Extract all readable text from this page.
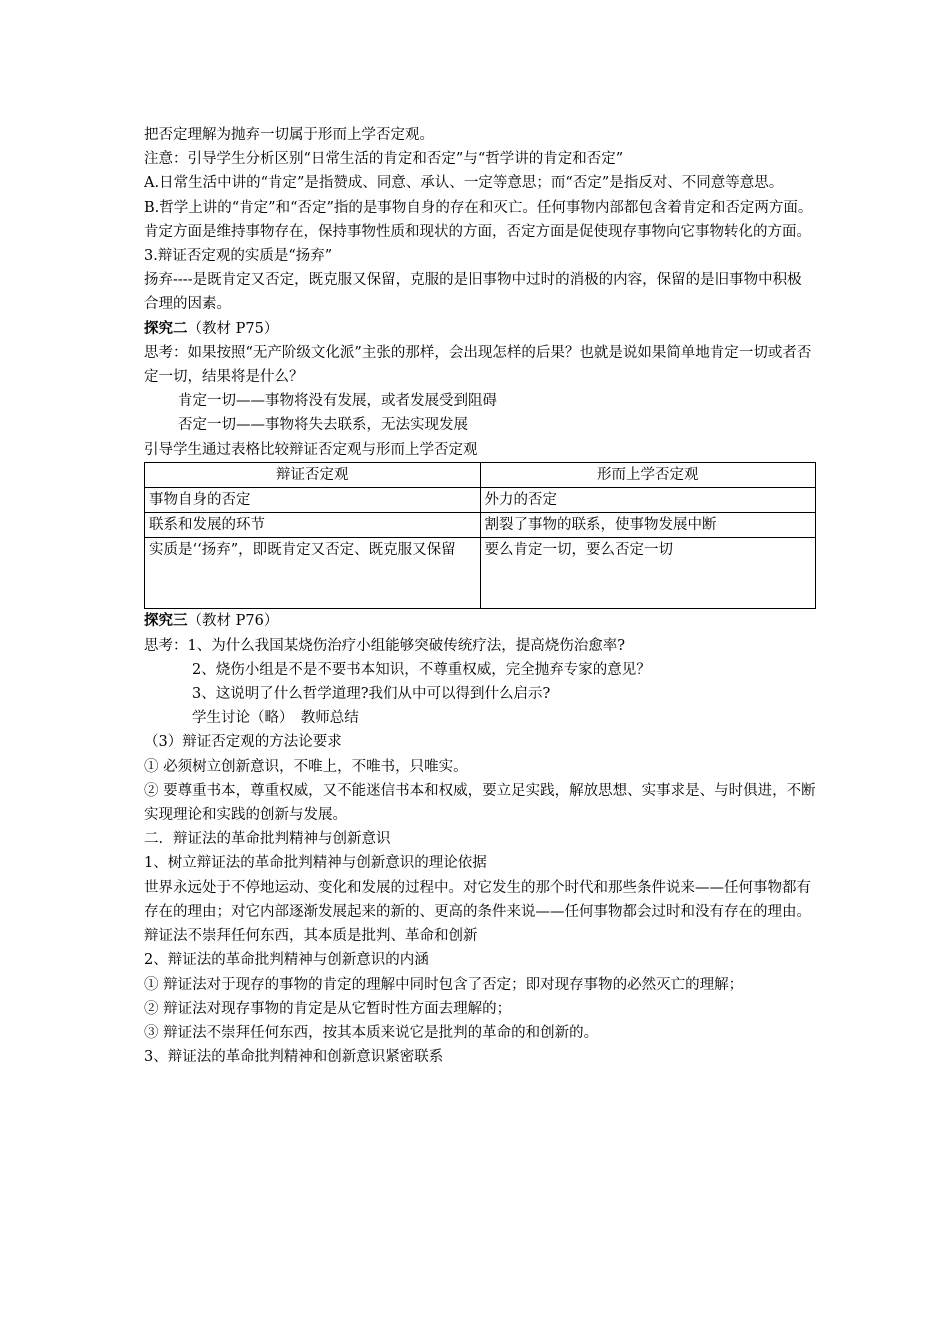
把否定理解为抛弃一切属于形而上学否定观。

注意：引导学生分析区别“日常生活的肯定和否定”与“哲学讲的肯定和否定”

A.日常生活中讲的“肯定”是指赞成、同意、承认、一定等意思；而“否定”是指反对、不同意等意思。

B.哲学上讲的“肯定”和“否定”指的是事物自身的存在和灭亡。任何事物内部都包含着肯定和否定两方面。肯定方面是维持事物存在，保持事物性质和现状的方面，否定方面是促使现存事物向它事物转化的方面。

3.辩证否定观的实质是“扬弃”

扬弃----是既肯定又否定，既克服又保留，克服的是旧事物中过时的消极的内容，保留的是旧事物中积极合理的因素。

探究二（教材 P75）

思考：如果按照“无产阶级文化派”主张的那样，会出现怎样的后果？也就是说如果简单地肯定一切或者否定一切，结果将是什么？

肯定一切——事物将没有发展，或者发展受到阻碍

否定一切——事物将失去联系，无法实现发展

引导学生通过表格比较辩证否定观与形而上学否定观

辩证否定观	形而上学否定观
事物自身的否定	外力的否定
联系和发展的环节	割裂了事物的联系，使事物发展中断
实质是‘‘扬弃”，即既肯定又否定、既克服又保留	要么肯定一切，要么否定一切

探究三（教材 P76）

思考：1、为什么我国某烧伤治疗小组能够突破传统疗法，提高烧伤治愈率?

2、烧伤小组是不是不要书本知识，不尊重权威，完全抛弃专家的意见？

3、这说明了什么哲学道理?我们从中可以得到什么启示?

学生讨论（略）　教师总结

（3）辩证否定观的方法论要求

① 必须树立创新意识，不唯上，不唯书，只唯实。

② 要尊重书本，尊重权威，又不能迷信书本和权威，要立足实践，解放思想、实事求是、与时俱进，不断实现理论和实践的创新与发展。

二．辩证法的革命批判精神与创新意识

1、树立辩证法的革命批判精神与创新意识的理论依据

世界永远处于不停地运动、变化和发展的过程中。对它发生的那个时代和那些条件说来——任何事物都有存在的理由；对它内部逐渐发展起来的新的、更高的条件来说——任何事物都会过时和没有存在的理由。

辩证法不崇拜任何东西，其本质是批判、革命和创新

2、辩证法的革命批判精神与创新意识的内涵

① 辩证法对于现存的事物的肯定的理解中同时包含了否定；即对现存事物的必然灭亡的理解；

② 辩证法对现存事物的肯定是从它暂时性方面去理解的；

③ 辩证法不崇拜任何东西，按其本质来说它是批判的革命的和创新的。

3、辩证法的革命批判精神和创新意识紧密联系
